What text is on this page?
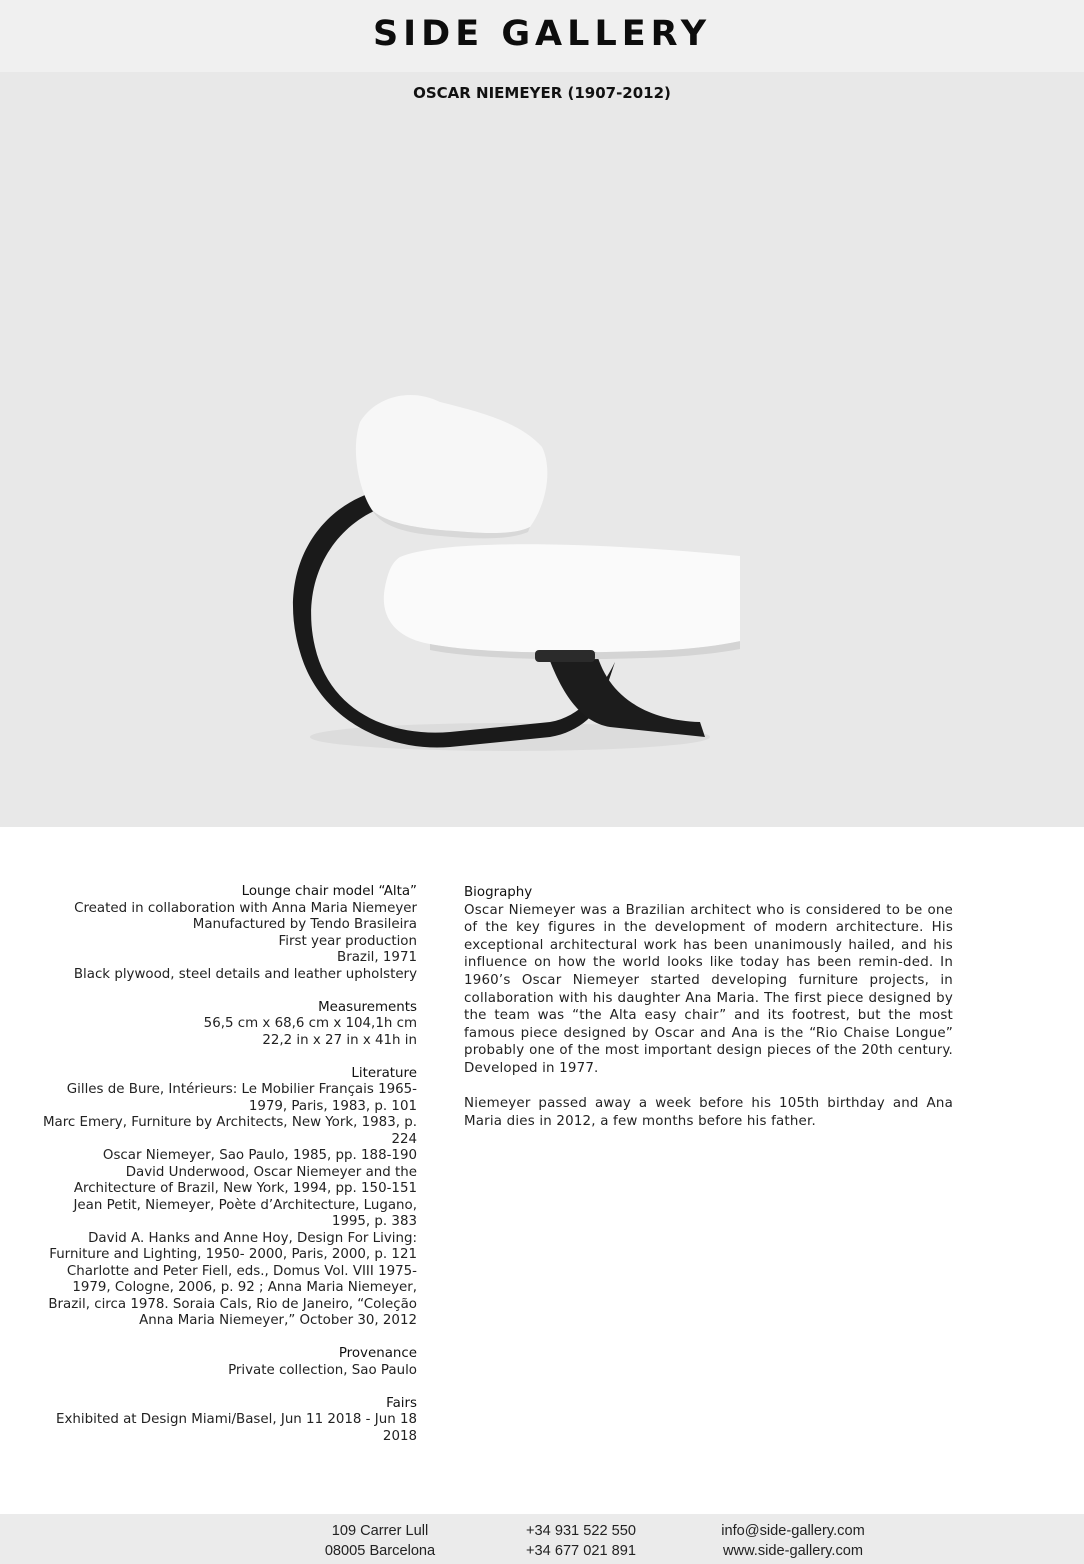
SIDE GALLERY
OSCAR NIEMEYER (1907-2012)
Lounge chair model “Alta”
Created in collaboration with Anna Maria Niemeyer
Manufactured by Tendo Brasileira
First year production
Brazil, 1971
Black plywood, steel details and leather upholstery
Measurements
56,5 cm x 68,6 cm x 104,1h cm
22,2 in x 27 in x 41h in
Literature
Gilles de Bure, Intérieurs: Le Mobilier Français 1965-1979, Paris, 1983, p. 101
Marc Emery, Furniture by Architects, New York, 1983, p. 224
Oscar Niemeyer, Sao Paulo, 1985, pp. 188-190
David Underwood, Oscar Niemeyer and the Architecture of Brazil, New York, 1994, pp. 150-151
Jean Petit, Niemeyer, Poète d’Architecture, Lugano, 1995, p. 383
David A. Hanks and Anne Hoy, Design For Living: Furniture and Lighting, 1950- 2000, Paris, 2000, p. 121
Charlotte and Peter Fiell, eds., Domus Vol. VIII 1975-1979, Cologne, 2006, p. 92 ; Anna Maria Niemeyer, Brazil, circa 1978. Soraia Cals, Rio de Janeiro, “Coleção Anna Maria Niemeyer,” October 30, 2012
Provenance
Private collection, Sao Paulo
Fairs
Exhibited at Design Miami/Basel, Jun 11 2018 - Jun 18 2018
Biography

Oscar Niemeyer was a Brazilian architect who is considered to be one of the key figures in the development of modern architecture. His exceptional architectural work has been unanimously hailed, and his influence on how the world looks like today has been remin-ded. In 1960’s Oscar Niemeyer started developing furniture projects, in collaboration with his daughter Ana Maria. The first piece designed by the team was “the Alta easy chair” and its footrest, but the most famous piece designed by Oscar and Ana is the “Rio Chaise Longue” probably one of the most important design pieces of the 20th century. Developed in 1977.

Niemeyer passed away a week before his 105th birthday and Ana Maria dies in 2012, a few months before his father.

109 Carrer Lull
08005 Barcelona
+34 931 522 550
+34 677 021 891
info@side-gallery.com
www.side-gallery.com
